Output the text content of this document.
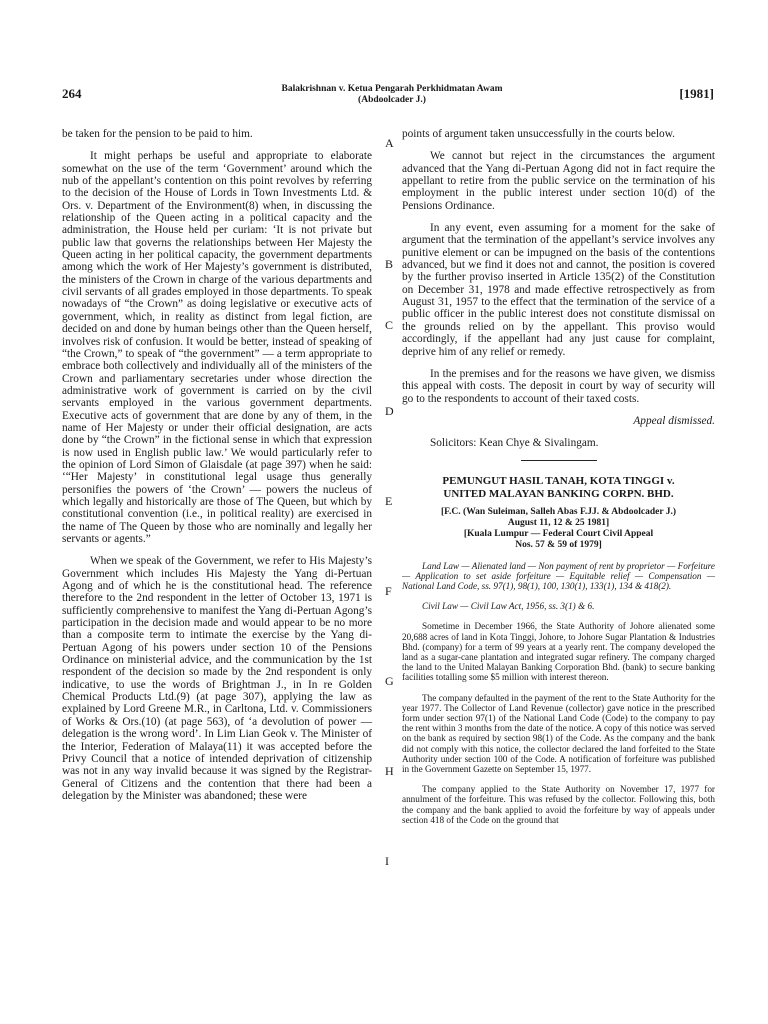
264	Balakrishnan v. Ketua Pengarah Perkhidmatan Awam
(Abdoolcader J.)	[1981]

be taken for the pension to be paid to him.

It might perhaps be useful and appropriate to elaborate somewhat on the use of the term ‘Government’ around which the nub of the appellant’s contention on this point revolves by referring to the decision of the House of Lords in Town Investments Ltd. & Ors. v. Department of the Environment(8) when, in discussing the relationship of the Queen acting in a political capacity and the administration, the House held per curiam: ‘It is not private but public law that governs the relationships between Her Majesty the Queen acting in her political capacity, the government departments among which the work of Her Majesty’s government is distributed, the ministers of the Crown in charge of the various departments and civil servants of all grades employed in those departments. To speak nowadays of “the Crown” as doing legislative or executive acts of government, which, in reality as distinct from legal fiction, are decided on and done by human beings other than the Queen herself, involves risk of confusion. It would be better, instead of speaking of “the Crown,” to speak of “the government” — a term appropriate to embrace both collectively and individually all of the ministers of the Crown and parliamentary secretaries under whose direction the administrative work of government is carried on by the civil servants employed in the various government departments. Executive acts of government that are done by any of them, in the name of Her Majesty or under their official designation, are acts done by “the Crown” in the fictional sense in which that expression is now used in English public law.’ We would particularly refer to the opinion of Lord Simon of Glaisdale (at page 397) when he said: ‘“Her Majesty’ in constitutional legal usage thus generally personifies the powers of ‘the Crown’ — powers the nucleus of which legally and historically are those of The Queen, but which by constitutional convention (i.e., in political reality) are exercised in the name of The Queen by those who are nominally and legally her servants or agents.”

When we speak of the Government, we refer to His Majesty’s Government which includes His Majesty the Yang di-Pertuan Agong and of which he is the constitutional head. The reference therefore to the 2nd respondent in the letter of October 13, 1971 is sufficiently comprehensive to manifest the Yang di-Pertuan Agong’s participation in the decision made and would appear to be no more than a composite term to intimate the exercise by the Yang di-Pertuan Agong of his powers under section 10 of the Pensions Ordinance on ministerial advice, and the communication by the 1st respondent of the decision so made by the 2nd respondent is only indicative, to use the words of Brightman J., in In re Golden Chemical Products Ltd.(9) (at page 307), applying the law as explained by Lord Greene M.R., in Carltona, Ltd. v. Commissioners of Works & Ors.(10) (at page 563), of ‘a devolution of power — delegation is the wrong word’. In Lim Lian Geok v. The Minister of the Interior, Federation of Malaya(11) it was accepted before the Privy Council that a notice of intended deprivation of citizenship was not in any way invalid because it was signed by the Registrar-General of Citizens and the contention that there had been a delegation by the Minister was abandoned; these were

A
B
C
D
E
F
G
H
I

points of argument taken unsuccessfully in the courts below.

We cannot but reject in the circumstances the argument advanced that the Yang di-Pertuan Agong did not in fact require the appellant to retire from the public service on the termination of his employment in the public interest under section 10(d) of the Pensions Ordinance.

In any event, even assuming for a moment for the sake of argument that the termination of the appellant’s service involves any punitive element or can be impugned on the basis of the contentions advanced, but we find it does not and cannot, the position is covered by the further proviso inserted in Article 135(2) of the Constitution on December 31, 1978 and made effective retrospectively as from August 31, 1957 to the effect that the termination of the service of a public officer in the public interest does not constitute dismissal on the grounds relied on by the appellant. This proviso would accordingly, if the appellant had any just cause for complaint, deprive him of any relief or remedy.

In the premises and for the reasons we have given, we dismiss this appeal with costs. The deposit in court by way of security will go to the respondents to account of their taxed costs.

Appeal dismissed.

Solicitors: Kean Chye & Sivalingam.

PEMUNGUT HASIL TANAH, KOTA TINGGI v.
UNITED MALAYAN BANKING CORPN. BHD.
[F.C. (Wan Suleiman, Salleh Abas F.JJ. & Abdoolcader J.)
August 11, 12 & 25 1981]
[Kuala Lumpur — Federal Court Civil Appeal
Nos. 57 & 59 of 1979]

Land Law — Alienated land — Non payment of rent by proprietor — Forfeiture — Application to set aside forfeiture — Equitable relief — Compensation — National Land Code, ss. 97(1), 98(1), 100, 130(1), 133(1), 134 & 418(2).

Civil Law — Civil Law Act, 1956, ss. 3(1) & 6.

Sometime in December 1966, the State Authority of Johore alienated some 20,688 acres of land in Kota Tinggi, Johore, to Johore Sugar Plantation & Industries Bhd. (company) for a term of 99 years at a yearly rent. The company developed the land as a sugar-cane plantation and integrated sugar refinery. The company charged the land to the United Malayan Banking Corporation Bhd. (bank) to secure banking facilities totalling some $5 million with interest thereon.

The company defaulted in the payment of the rent to the State Authority for the year 1977. The Collector of Land Revenue (collector) gave notice in the prescribed form under section 97(1) of the National Land Code (Code) to the company to pay the rent within 3 months from the date of the notice. A copy of this notice was served on the bank as required by section 98(1) of the Code. As the company and the bank did not comply with this notice, the collector declared the land forfeited to the State Authority under section 100 of the Code. A notification of forfeiture was published in the Government Gazette on September 15, 1977.

The company applied to the State Authority on November 17, 1977 for annulment of the forfeiture. This was refused by the collector. Following this, both the company and the bank applied to avoid the forfeiture by way of appeals under section 418 of the Code on the ground that
